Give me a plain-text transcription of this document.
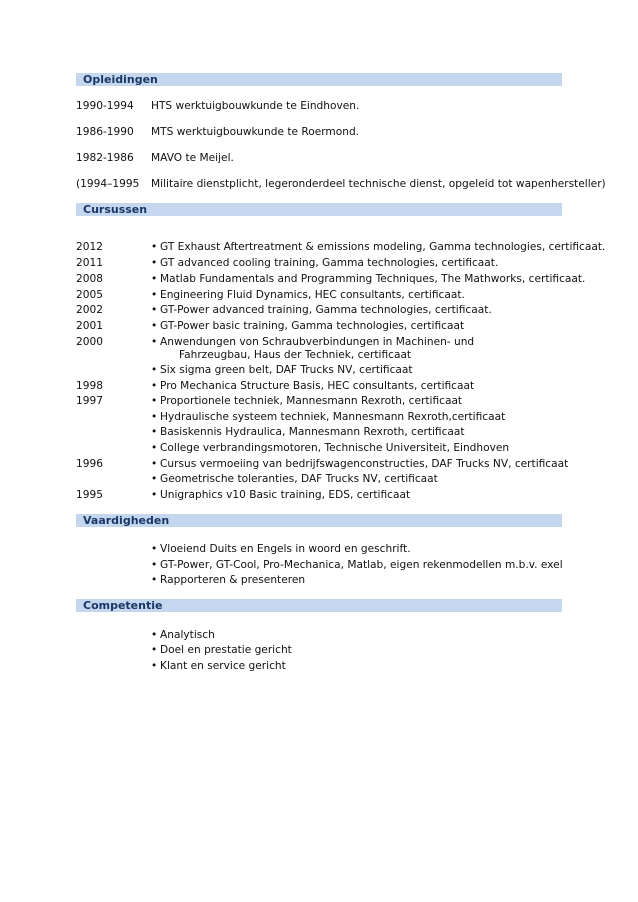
Opleidingen
1990-1994 HTS werktuigbouwkunde te Eindhoven.
1986-1990 MTS werktuigbouwkunde te Roermond.
1982-1986 MAVO te Meijel.
(1994–1995 Militaire dienstplicht, legeronderdeel technische dienst, opgeleid tot wapenhersteller)
Cursussen
2012	• GT Exhaust Aftertreatment & emissions modeling, Gamma technologies, certificaat.
2011	• GT advanced cooling training, Gamma technologies, certificaat.
2008	• Matlab Fundamentals and Programming Techniques, The Mathworks, certificaat.
2005	• Engineering Fluid Dynamics, HEC consultants, certificaat.
2002	• GT-Power advanced training, Gamma technologies, certificaat.
2001	• GT-Power basic training, Gamma technologies, certificaat
2000	• Anwendungen von Schraubverbindungen in Machinen- und
Fahrzeugbau, Haus der Techniek, certificaat
• Six sigma green belt, DAF Trucks NV, certificaat
1998	• Pro Mechanica Structure Basis, HEC consultants, certificaat
1997	• Proportionele techniek, Mannesmann Rexroth, certificaat
• Hydraulische systeem techniek, Mannesmann Rexroth,certificaat
• Basiskennis Hydraulica, Mannesmann Rexroth, certificaat
• College verbrandingsmotoren, Technische Universiteit, Eindhoven
1996	• Cursus vermoeiing van bedrijfswagenconstructies, DAF Trucks NV, certificaat
• Geometrische toleranties, DAF Trucks NV, certificaat
1995	• Unigraphics v10 Basic training, EDS, certificaat
Vaardigheden
• Vloeiend Duits en Engels in woord en geschrift.
• GT-Power, GT-Cool, Pro-Mechanica, Matlab, eigen rekenmodellen m.b.v. exel
• Rapporteren & presenteren
Competentie
• Analytisch
• Doel en prestatie gericht
• Klant en service gericht
